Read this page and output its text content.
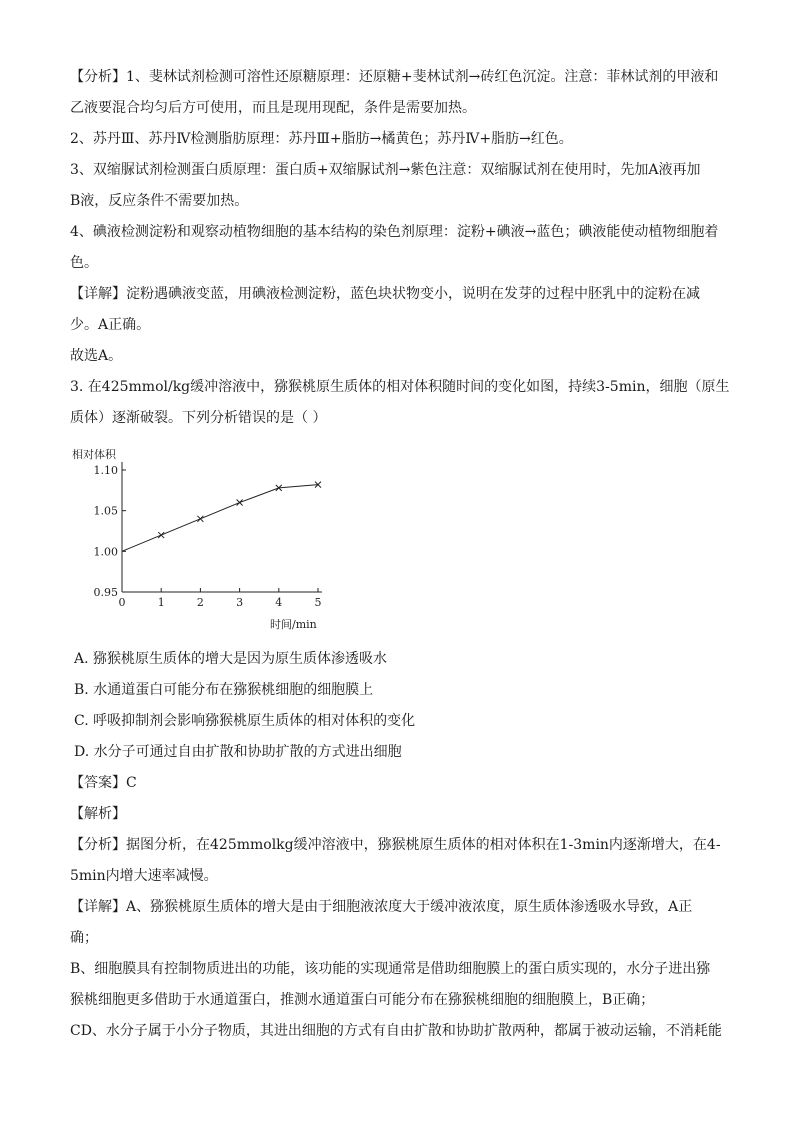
【分析】1、斐林试剂检测可溶性还原糖原理：还原糖+斐林试剂→砖红色沉淀。注意：菲林试剂的甲液和

乙液要混合均匀后方可使用，而且是现用现配，条件是需要加热。

2、苏丹Ⅲ、苏丹Ⅳ检测脂肪原理：苏丹Ⅲ+脂肪→橘黄色；苏丹Ⅳ+脂肪→红色。

3、双缩脲试剂检测蛋白质原理：蛋白质+双缩脲试剂→紫色注意：双缩脲试剂在使用时，先加A液再加

B液，反应条件不需要加热。

4、碘液检测淀粉和观察动植物细胞的基本结构的染色剂原理：淀粉+碘液→蓝色；碘液能使动植物细胞着

色。

【详解】淀粉遇碘液变蓝，用碘液检测淀粉，蓝色块状物变小，说明在发芽的过程中胚乳中的淀粉在减

少。A正确。

故选A。

3. 在425mmol/kg缓冲溶液中，猕猴桃原生质体的相对体积随时间的变化如图，持续3-5min，细胞（原生

质体）逐渐破裂。下列分析错误的是（ ）

相对体积
时间/min
0	1	2	3	4	5
0.95
1.00
1.05
1.10

A. 猕猴桃原生质体的增大是因为原生质体渗透吸水

B. 水通道蛋白可能分布在猕猴桃细胞的细胞膜上

C. 呼吸抑制剂会影响猕猴桃原生质体的相对体积的变化

D. 水分子可通过自由扩散和协助扩散的方式进出细胞

【答案】C

【解析】

【分析】据图分析，在425mmolkg缓冲溶液中，猕猴桃原生质体的相对体积在1-3min内逐渐增大，在4-

5min内增大速率减慢。

【详解】A、猕猴桃原生质体的增大是由于细胞液浓度大于缓冲液浓度，原生质体渗透吸水导致，A正

确；

B、细胞膜具有控制物质进出的功能，该功能的实现通常是借助细胞膜上的蛋白质实现的，水分子进出猕

猴桃细胞更多借助于水通道蛋白，推测水通道蛋白可能分布在猕猴桃细胞的细胞膜上，B正确；

CD、水分子属于小分子物质，其进出细胞的方式有自由扩散和协助扩散两种，都属于被动运输，不消耗能
